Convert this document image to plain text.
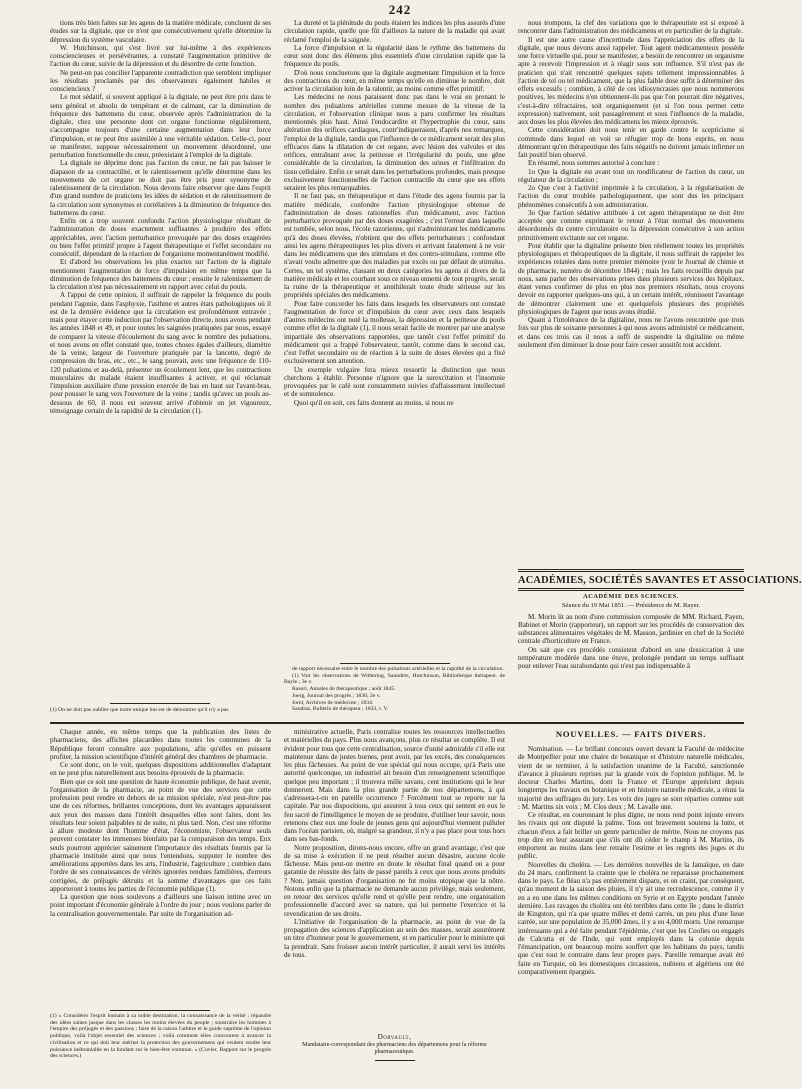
242

tions très bien faites sur les agens de la matière médicale, concluent de ses études sur la digitale, que ce n'est que consécutivement qu'elle détermine la dépression du système vasculaire.

W. Hutchinson, qui s'est livré sur lui-même à des expériences consciencieuses et persévérantes, a constaté l'augmentation primitive de l'action du cœur, suivie de la dépression et du désordre de cette fonction.

Ne peut-on pas concilier l'apparente contradiction que semblent impliquer les résultats proclamés par des observateurs également habiles et consciencieux ?

Le mot sédatif, si souvent appliqué à la digitale, ne peut être pris dans le sens général et absolu de tempérant et de calmant, car la diminution de fréquence des battemens du cœur, observée après l'administration de la digitale, chez une personne dont cet organe fonctionne régulièrement, s'accompagne toujours d'une certaine augmentation dans leur force d'impulsion, et ne peut être assimilée à une véritable sédation. Celle-ci, pour se manifester, suppose nécessairement un mouvement désordonné, une perturbation fonctionnelle du cœur, préexistant à l'emploi de la digitale.

La digitale ne déprime donc pas l'action du cœur, ne fait pas baisser le diapason de sa contractilité, et le ralentissement qu'elle détermine dans les mouvemens de cet organe ne doit pas être pris pour synonyme de ralentissement de la circulation. Nous devons faire observer que dans l'esprit d'un grand nombre de praticiens les idées de sédation et de ralentissement de la circulation sont synonymes et corrélatives à la diminution de fréquence des battemens du cœur.

Enfin on a trop souvent confondu l'action physiologique résultant de l'administration de doses exactement suffisantes à produire des effets appréciables, avec l'action perturbatrice provoquée par des doses exagérées ou bien l'effet primitif propre à l'agent thérapeutique et l'effet secondaire ou consécutif, dépendant de la réaction de l'organisme momentanément modifié.

Et d'abord les observations les plus exactes sur l'action de la digitale mentionnent l'augmentation de force d'impulsion en même temps que la diminution de fréquence des battemens du cœur ; ensuite le ralentissement de la circulation n'est pas nécessairement en rapport avec celui du pouls.

A l'appui de cette opinion, il suffirait de rappeler la fréquence du pouls pendant l'agonie, dans l'asphyxie, l'asthme et autres états pathologiques où il est de la dernière évidence que la circulation est profondément entravée ; mais pour étayer cette induction par l'observation directe, nous avons pendant les années 1848 et 49, et pour toutes les saignées pratiquées par nous, essayé de comparer la vitesse d'écoulement du sang avec le nombre des pulsations, et nous avons en effet constaté que, toutes choses égales d'ailleurs, diamètre de la veine, largeur de l'ouverture pratiquée par la lancette, degré de compression du bras, etc., etc., le sang pouvait, avec une fréquence de 110-120 pulsations et au-delà, présenter un écoulement lent, que les contractions musculaires du malade étaient insuffisantes à activer, et qui réclamait l'impulsion auxiliaire d'une pression exercée de bas en haut sur l'avant-bras, pour pousser le sang vers l'ouverture de la veine ; tandis qu'avec un pouls au-dessous de 60, il nous est souvent arrivé d'obtenir un jet vigoureux, témoignage certain de la rapidité de la circulation (1).

(1) On ne doit pas oublier que notre unique but est de démontrer qu'il n'y a pas

La dureté et la plénitude du pouls étaient les indices les plus assurés d'une circulation rapide, quelle que fût d'ailleurs la nature de la maladie qui avait réclamé l'emploi de la saignée.

La force d'impulsion et la régularité dans le rythme des battemens du cœur sont donc des élémens plus essentiels d'une circulation rapide que la fréquence du pouls.

D'où nous concluerons que la digitale augmentant l'impulsion et la force des contractions du cœur, en même temps qu'elle en diminue le nombre, doit activer la circulation loin de la ralentir, au moins comme effet primitif.

Les médecins ne nous paraissent donc pas dans le vrai en prenant le nombre des pulsations artérielles comme mesure de la vitesse de la circulation, et l'observation clinique nous a paru confirmer les résultats mentionnés plus haut. Ainsi l'endocardite et l'hypertrophie du cœur, sans altération des orifices cardiaques, contr'indiqueraient, d'après nos remarques, l'emploi de la digitale, tandis que l'influence de ce médicament serait des plus efficaces dans la dilatation de cet organe, avec lésion des valvules et des orifices, entraînant avec la petitesse et l'irrégularité du pouls, une gêne considérable de la circulation, la diminution des urines et l'infiltration du tissu cellulaire. Enfin ce serait dans les perturbations profondes, mais presque exclusivement fonctionnelles de l'action contractile du cœur que ses effets seraient les plus remarquables.

Il ne faut pas, en thérapeutique et dans l'étude des agens fournis par la matière médicale, confondre l'action physiologique obtenue de l'administration de doses rationnelles d'un médicament, avec l'action perturbatrice provoquée par des doses exagérées ; c'est l'erreur dans laquelle est tombée, selon nous, l'école razorienne, qui n'administrant les médicamens qu'à des doses élevées, n'obtient que des effets perturbateurs ; confondant ainsi les agens thérapeutiques les plus divers et arrivant fatalement à ne voir dans les médicamens que des stimulans et des contro-stimulans, comme elle n'avait voulu admettre que des maladies par excès ou par défaut de stimulus. Certes, un tel système, classant en deux catégories les agens si divers de la matière médicale et les courbant sous ce niveau ennemi de tout progrès, serait la ruine de la thérapeutique et annihilerait toute étude sérieuse sur les propriétés spéciales des médicamens.

Pour faire concorder les faits dans lesquels les observateurs ont constaté l'augmentation de force et d'impulsion du cœur avec ceux dans lesquels d'autres médecins ont noté la mollesse, la dépression et la petitesse du pouls comme effet de la digitale (1), il nous serait facile de montrer par une analyse impartiale des observations rapportées, que tantôt c'est l'effet primitif du médicament qui a frappé l'observateur, tantôt, comme dans le second cas, c'est l'effet secondaire ou de réaction à la suite de doses élevées qui a fixé exclusivement son attention.

Un exemple vulgaire fera mieux ressortir la distinction que nous cherchons à établir. Personne n'ignore que la surexcitation et l'insomnie provoquées par le café sont constamment suivies d'affaissement intellectuel et de somnolence.

Quoi qu'il en soit, ces faits donnent au moins, si nous ne

de rapport nécessaire entre le nombre des pulsations artérielles et la rapidité de la circulation.

(1) Voir les observations de Withering, Saunders, Hutchinson, Bibliothèque thérapeut. de Bayle ; 3e v.

Rasori, Annales de thérapeutique ; août 1845.

Joerg, Journal des progrès ; 1830, 2e v.

Jorel, Archives de médecine ; 1834.

Sandras, Bulletin de thérapeut ; 1833, t. V.

nous trompons, la clef des variations que le thérapeutiste est si exposé à rencontrer dans l'administration des médicamens et en particulier de la digitale.

Il est une autre cause d'incertitude dans l'appréciation des effets de la digitale, que nous devons aussi rappeler. Tout agent médicamenteux possède une force virtuelle qui, pour se manifester, a besoin de rencontrer un organisme apte à recevoir l'impression et à réagir sous son influence. S'il n'est pas de praticien qui n'ait rencontré quelques sujets tellement impressionnables à l'action de tel ou tel médicament, que la plus faible dose suffit à déterminer des effets excessifs ; combien, à côté de ces idiosyncrasies que nous nommerons positives, les médecins n'en obtiennent-ils pas que l'on pourrait dire négatives, c'est-à-dire réfractaires, soit organiquement (et si l'on nous permet cette expression) nativement, soit passagèrement et sous l'influence de la maladie, aux doses les plus élevées des médicamens les mieux éprouvés.

Cette considération doit nous tenir en garde contre le scepticisme si commode dans lequel on voit se réfugier trop de bons esprits, en nous démontrant qu'en thérapeutique des faits négatifs ne doivent jamais infirmer un fait positif bien observé.

En résumé, nous sommes autorisé à conclure :

1o Que la digitale est avant tout un modificateur de l'action du cœur, un régulateur de la circulation ;

2o Que c'est à l'activité imprimée à la circulation, à la régularisation de l'action du cœur troublée pathologiquement, que sont dus les principaux phénomènes consécutifs à son administration.

3o Que l'action sédative attribuée à cet agent thérapeutique ne doit être acceptée que comme exprimant le retour à l'état normal des mouvemens désordonnés du centre circulatoire ou la dépression consécutive à son action primitivement excitante sur cet organe.

Pour établir que la digitaline présente bien réellement toutes les propriétés physiologiques et thérapeutiques de la digitale, il nous suffirait de rappeler les expériences relatées dans notre premier mémoire (voir le Journal de chimie et de pharmacie, numéro de décembre 1844) ; mais les faits recueillis depuis par nous, sans parler des observations prises dans plusieurs services des hôpitaux, étant venus confirmer de plus en plus nos premiers résultats, nous croyons devoir en rapporter quelques-uns qui, à un certain intérêt, réunissent l'avantage de démontrer clairement une et quelquefois plusieurs des propriétés physiologiques de l'agent que nous avons étudié.

Quant à l'intolérance de la digitaline, nous ne l'avons rencontrée que trois fois sur plus de soixante personnes à qui nous avons administré ce médicament, et dans ces trois cas il nous a suffi de suspendre la digitaline ou même seulement d'en diminuer la dose pour faire cesser aussitôt tout accident.

ACADÉMIES, SOCIÉTÉS SAVANTES ET ASSOCIATIONS.
ACADÉMIE DES SCIENCES.
Séance du 19 Mai 1851. — Présidence de M. Rayer.

M. Morin lit au nom d'une commission composée de MM. Richard, Payen, Babinet et Morin (rapporteur), un rapport sur les procédés de conservation des substances alimentaires végétales de M. Masson, jardinier en chef de la Société centrale d'horticulture en France.

On sait que ces procédés consistent d'abord en une dessiccation à une température modérée dans une étuve, prolongée pendant un temps suffisant pour enlever l'eau surabondante qui n'est pas indispensable à

Chaque année, en même temps que la publication des listes de pharmaciens, des affiches placardées dans toutes les communes de la République feront connaître aux populations, afin qu'elles en puissent profiter, la mission scientifique d'intérêt général des chambres de pharmacie.

Ce sont donc, on le voit, quelques dispositions additionnelles d'adaptant en ne peut plus naturellement aux besoins éprouvés de la pharmacie.

Bien que ce soit une question de haute économie publique, de haut avenir, l'organisation de la pharmacie, au point de vue des services que cette profession peut rendre en dehors de sa mission spéciale, n'est peut-être pas une de ces réformes, brillantes conceptions, dont les avantages apparaissent aux yeux des masses dans l'intérêt desquelles elles sont faites, dont les résultats leur soient palpables ni de suite, ni plus tard. Non, c'est une réforme à allure modeste dont l'homme d'état, l'économiste, l'observateur seuls peuvent constater les immenses bienfaits par la comparaison des temps. Eux seuls pourront apprécier sainement l'importance des résultats fournis par la pharmacie instituée ainsi que nous l'entendons, supputer le nombre des améliorations apportées dans les arts, l'industrie, l'agriculture ; combien dans l'ordre de ses connaissances de vérités ignorées rendues familières, d'erreurs corrigées, de préjugés détruits et la somme d'avantages que ces faits apporteront à toutes les parties de l'économie publique (1).

La question que nous soulevons a d'ailleurs une liaison intime avec un point important d'économie générale à l'ordre du jour ; nous voulons parler de la centralisation gouvernementale. Par suite de l'organisation ad-

(1) « Considérer l'esprit humain à sa noble destination, la connaissance de la vérité ; répandre des idées saines jusque dans les classes les moins élevées du peuple ; soustraire les hommes à l'empire des préjugés et des passions ; faire de la raison l'arbitre et le guide suprême de l'opinion publique, voilà l'objet essentiel des sciences ; voilà comment elles concourent à avancer la civilisation et ce qui doit leur mériter la protection des gouvernemens qui veulent rendre leur puissance inébranlable en la fondant sur le bien-être commun. » (Cuvier, Rapport sur le progrès des sciences.)

ministrative actuelle, Paris centralise toutes les ressources intellectuelles et matérielles du pays. Plus nous avançons, plus ce résultat se complète. Il est évident pour tous que cette centralisation, source d'unité admirable s'il elle est maintenue dans de justes bornes, peut avoir, par les excès, des conséquences les plus fâcheuses. Au point de vue spécial qui nous occupe, qu'à Paris une autorité quelconque, un industriel ait besoin d'un renseignement scientifique quelque peu important ; il trouvera mille savans, cent institutions qui le leur donneront. Mais dans la plus grande partie de nos départemens, à qui s'adressera-t-on en pareille occurrence ? Forcément tout se reporte sur la capitale. Par nos dispositions, qui assurent à tous ceux qui sentent en eux le feu sacré de l'intelligence le moyen de se produire, d'utiliser leur savoir, nous retenons chez eux une foule de jeunes gens qui aujourd'hui viennent pulluler dans l'océan parisien, où, malgré sa grandeur, il n'y a pas place pour tous hors dans ses bas-fonds.

Notre proposition, dirons-nous encore, offre un grand avantage, c'est que de sa mise à exécution il ne peut résulter aucun désastre, aucune école fâcheuse. Mais peut-on mettre en doute le résultat final quand on a pour garantie de réussite des faits de passé pareils à ceux que nous avons produits ? Non, jamais question d'organisation ne fut moins utopique que la nôtre. Notons enfin que la pharmacie ne demande aucun privilège, mais seulement, en retour des services qu'elle rend et qu'elle peut rendre, une organisation professionnelle d'accord avec sa nature, qui lui permette l'exercice et la revendication de ses droits.

L'initiative de l'organisation de la pharmacie, au point de vue de la propagation des sciences d'application au sein des masses, serait assurément un titre d'honneur pour le gouvernement, et en particulier pour le ministre qui la prendrait. Sans froisser aucun intérêt particulier, il aurait servi les intérêts de tous.

Dorvault,
Mandataire-correspondant des pharmaciens des départemens pour la réforme pharmaceutique.
NOUVELLES. — FAITS DIVERS.

Nomination. — Le brillant concours ouvert devant la Faculté de médecine de Montpellier pour une chaire de botanique et d'histoire naturelle médicales, vient de se terminer, à la satisfaction unanime de la Faculté, sanctionnée d'avance à plusieurs reprises par la grande voix de l'opinion publique. M. le docteur Charles Martins, dont la France et l'Europe apprécient depuis longtemps les travaux en botanique et en histoire naturelle médicale, a réuni la majorité des suffrages du jury. Les voix des juges se sont réparties comme suit : M. Martins six voix ; M. Clos deux ; M. Lavalle une.

Ce résultat, en couronnant le plus digne, ne nous rend point injuste envers les rivaux qui ont disputé la palme. Tous ont bravement soutenu la lutte, et chacun d'eux a fait briller un genre particulier de mérite. Nous ne croyons pas trop dire en leur assurant que s'ils ont dû céder le champ à M. Martins, ils emportent au moins dans leur retraite l'estime et les regrets des juges et du public.

Nouvelles du choléra. — Les dernières nouvelles de la Jamaïque, en date du 24 mars, confirment la crainte que le choléra ne reparaisse prochainement dans le pays. Le fléau n'a pas entièrement disparu, et on craint, par conséquent, qu'au moment de la saison des pluies, il n'y ait une recrudescence, comme il y en a eu une dans les mêmes conditions en Syrie et en Egypte pendant l'année dernière. Les ravages du choléra ont été terribles dans cette île ; dans le district de Kingston, qui n'a que quatre milles et demi carrés, un peu plus d'une lieue carrée, sur une population de 35,000 âmes, il y a eu 4,000 morts. Une remarque intéressante qui a été faite pendant l'épidémie, c'est que les Coolies ou engagés de Calcutta et de l'Inde, qui sont employés dans la colonie depuis l'émancipation, ont beaucoup moins souffert que les habitans du pays, tandis que c'est tout le contraire dans leur propre pays. Pareille remarque avait été faite en Turquie, où les domestiques circassiens, nubiens et algériens ont été comparativement épargnés.
